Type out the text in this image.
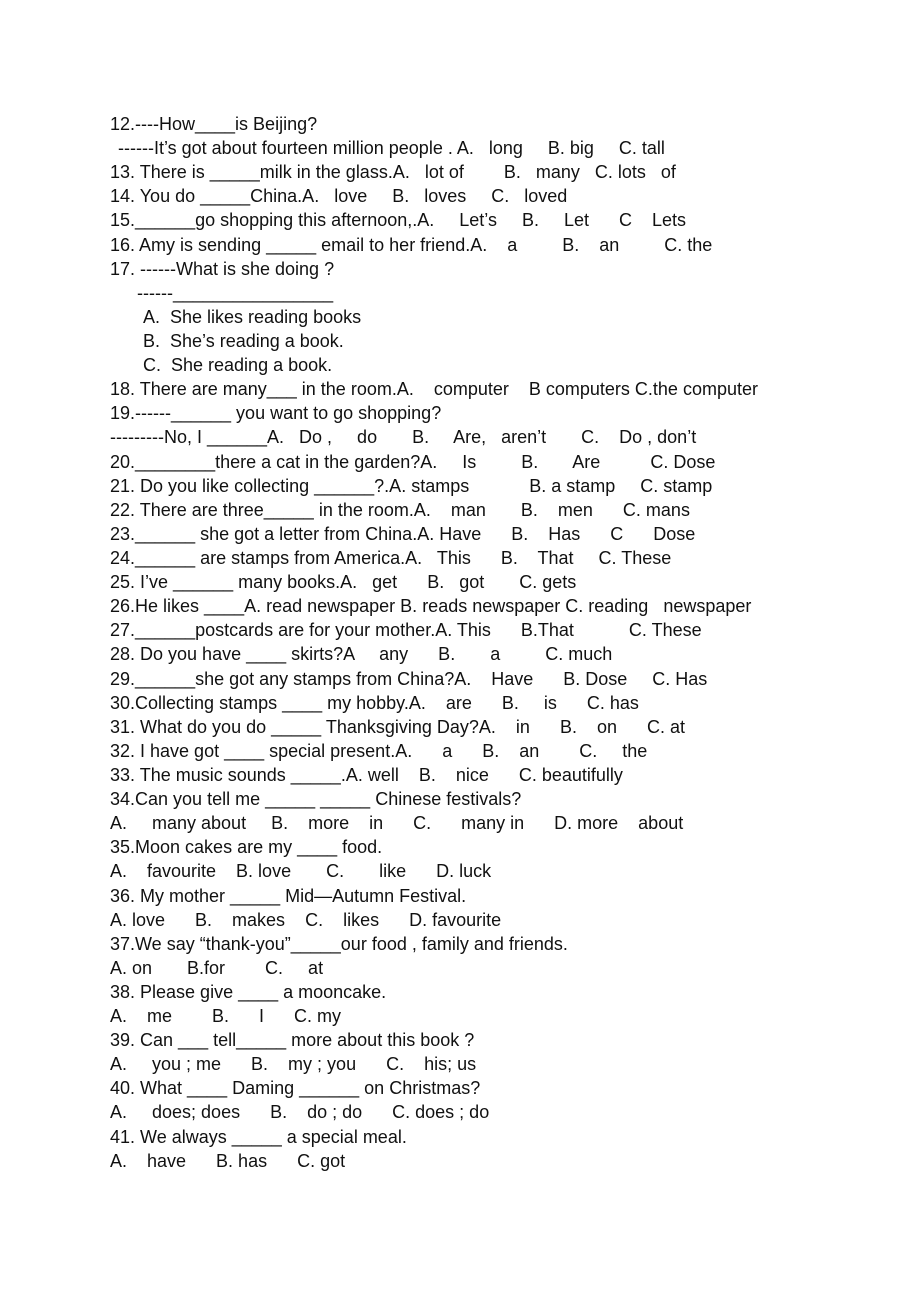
12.----How____is Beijing?
------It’s got about fourteen million people . A.   long     B. big     C. tall
13. There is _____milk in the glass.A.   lot of        B.   many   C. lots   of
14. You do _____China.A.   love     B.   loves     C.   loved
15.______go shopping this afternoon,.A.     Let’s     B.     Let      C    Lets
16. Amy is sending _____ email to her friend.A.    a         B.    an         C. the
17. ------What is she doing ?
------________________
A.  She likes reading books
B.  She’s reading a book.
C.  She reading a book.
18. There are many___ in the room.A.    computer    B computers C.the computer
19.------______ you want to go shopping?
---------No, I ______A.   Do ,     do       B.     Are,   aren’t       C.    Do , don’t
20.________there a cat in the garden?A.     Is         B.       Are          C. Dose
21. Do you like collecting ______?.A. stamps            B. a stamp     C. stamp
22. There are three_____ in the room.A.    man       B.    men      C. mans
23.______ she got a letter from China.A. Have      B.    Has      C      Dose
24.______ are stamps from America.A.   This      B.    That     C. These
25. I’ve ______ many books.A.   get      B.   got       C. gets
26.He likes ____A. read newspaper B. reads newspaper C. reading   newspaper
27.______postcards are for your mother.A. This      B.That           C. These
28. Do you have ____ skirts?A     any      B.       a         C. much
29.______she got any stamps from China?A.    Have      B. Dose     C. Has
30.Collecting stamps ____ my hobby.A.    are      B.     is      C. has
31. What do you do _____ Thanksgiving Day?A.    in      B.    on      C. at
32. I have got ____ special present.A.      a      B.    an        C.     the
33. The music sounds _____.A. well    B.    nice      C. beautifully
34.Can you tell me _____ _____ Chinese festivals?
A.     many about     B.    more    in      C.      many in      D. more    about
35.Moon cakes are my ____ food.
A.    favourite    B. love       C.       like      D. luck
36. My mother _____ Mid—Autumn Festival.
A. love      B.    makes    C.    likes      D. favourite
37.We say “thank-you”_____our food , family and friends.
A. on       B.for        C.     at
38. Please give ____ a mooncake.
A.    me        B.      I      C. my
39. Can ___ tell_____ more about this book ?
A.     you ; me      B.    my ; you      C.    his; us
40. What ____ Daming ______ on Christmas?
A.     does; does      B.    do ; do      C. does ; do
41. We always _____ a special meal.
A.    have      B. has      C. got
